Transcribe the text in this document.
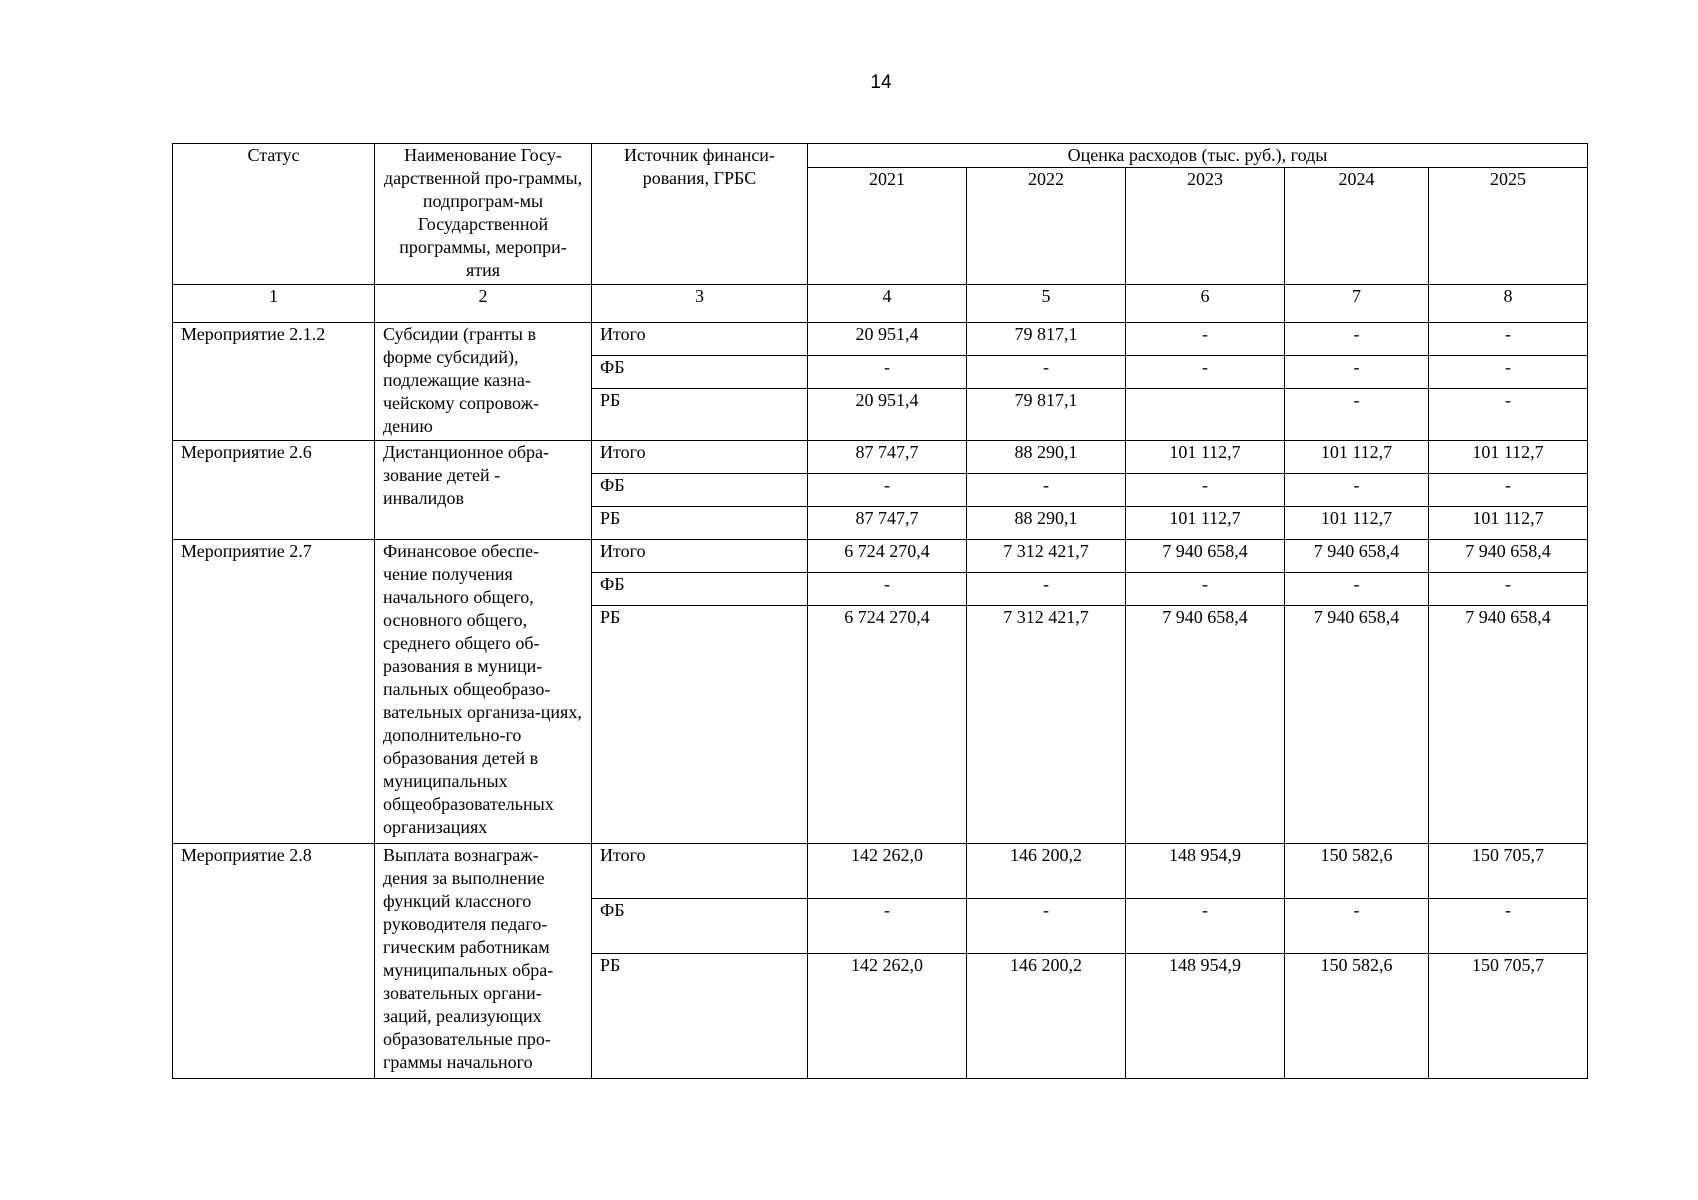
14
Статус	Наименование Госу-дарственной про-граммы, подпрограм-мы Государственной программы, меропри-ятия	Источник финанси-рования, ГРБС	Оценка расходов (тыс. руб.), годы				
			2021	2022	2023	2024	2025
1	2	3	4	5	6	7	8
Мероприятие 2.1.2	Субсидии (гранты в форме субсидий), подлежащие казна-чейскому сопровож-дению	Итого	20 951,4	79 817,1	-	-	-
		ФБ	-	-	-	-	-
		РБ	20 951,4	79 817,1		-	-
Мероприятие 2.6	Дистанционное обра-зование детей - инвалидов	Итого	87 747,7	88 290,1	101 112,7	101 112,7	101 112,7
		ФБ	-	-	-	-	-
		РБ	87 747,7	88 290,1	101 112,7	101 112,7	101 112,7
Мероприятие 2.7	Финансовое обеспе-чение получения начального общего, основного общего, среднего общего об-разования в муници-пальных общеобразо-вательных организа-циях, дополнительно-го образования детей в муниципальных общеобразовательных организациях	Итого	6 724 270,4	7 312 421,7	7 940 658,4	7 940 658,4	7 940 658,4
		ФБ	-	-	-	-	-
		РБ	6 724 270,4	7 312 421,7	7 940 658,4	7 940 658,4	7 940 658,4
Мероприятие 2.8	Выплата вознаграж-дения за выполнение функций классного руководителя педаго-гическим работникам муниципальных обра-зовательных органи-заций, реализующих образовательные про-граммы начального	Итого	142 262,0	146 200,2	148 954,9	150 582,6	150 705,7
		ФБ	-	-	-	-	-
		РБ	142 262,0	146 200,2	148 954,9	150 582,6	150 705,7
